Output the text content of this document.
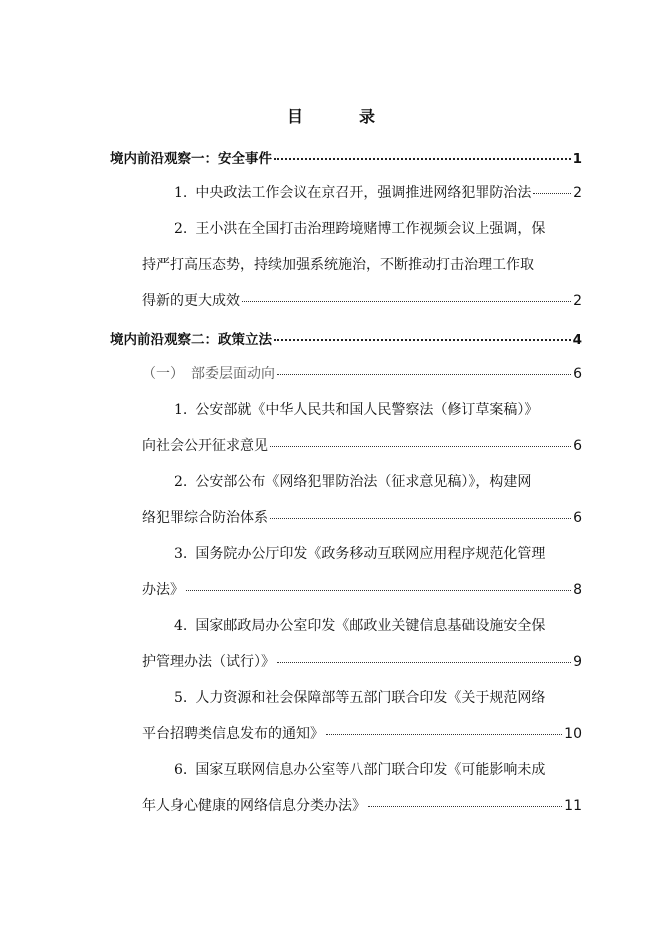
目　录
境内前沿观察一：安全事件	1
1. 中央政法工作会议在京召开，强调推进网络犯罪防治法	2
2. 王小洪在全国打击治理跨境赌博工作视频会议上强调，保
持严打高压态势，持续加强系统施治，不断推动打击治理工作取
得新的更大成效	2
境内前沿观察二：政策立法	4
（一）　部委层面动向	6
1. 公安部就《中华人民共和国人民警察法（修订草案稿）》
向社会公开征求意见	6
2. 公安部公布《网络犯罪防治法（征求意见稿）》，构建网
络犯罪综合防治体系	6
3. 国务院办公厅印发《政务移动互联网应用程序规范化管理
办法》	8
4. 国家邮政局办公室印发《邮政业关键信息基础设施安全保
护管理办法（试行）》	9
5. 人力资源和社会保障部等五部门联合印发《关于规范网络
平台招聘类信息发布的通知》	10
6. 国家互联网信息办公室等八部门联合印发《可能影响未成
年人身心健康的网络信息分类办法》	11
